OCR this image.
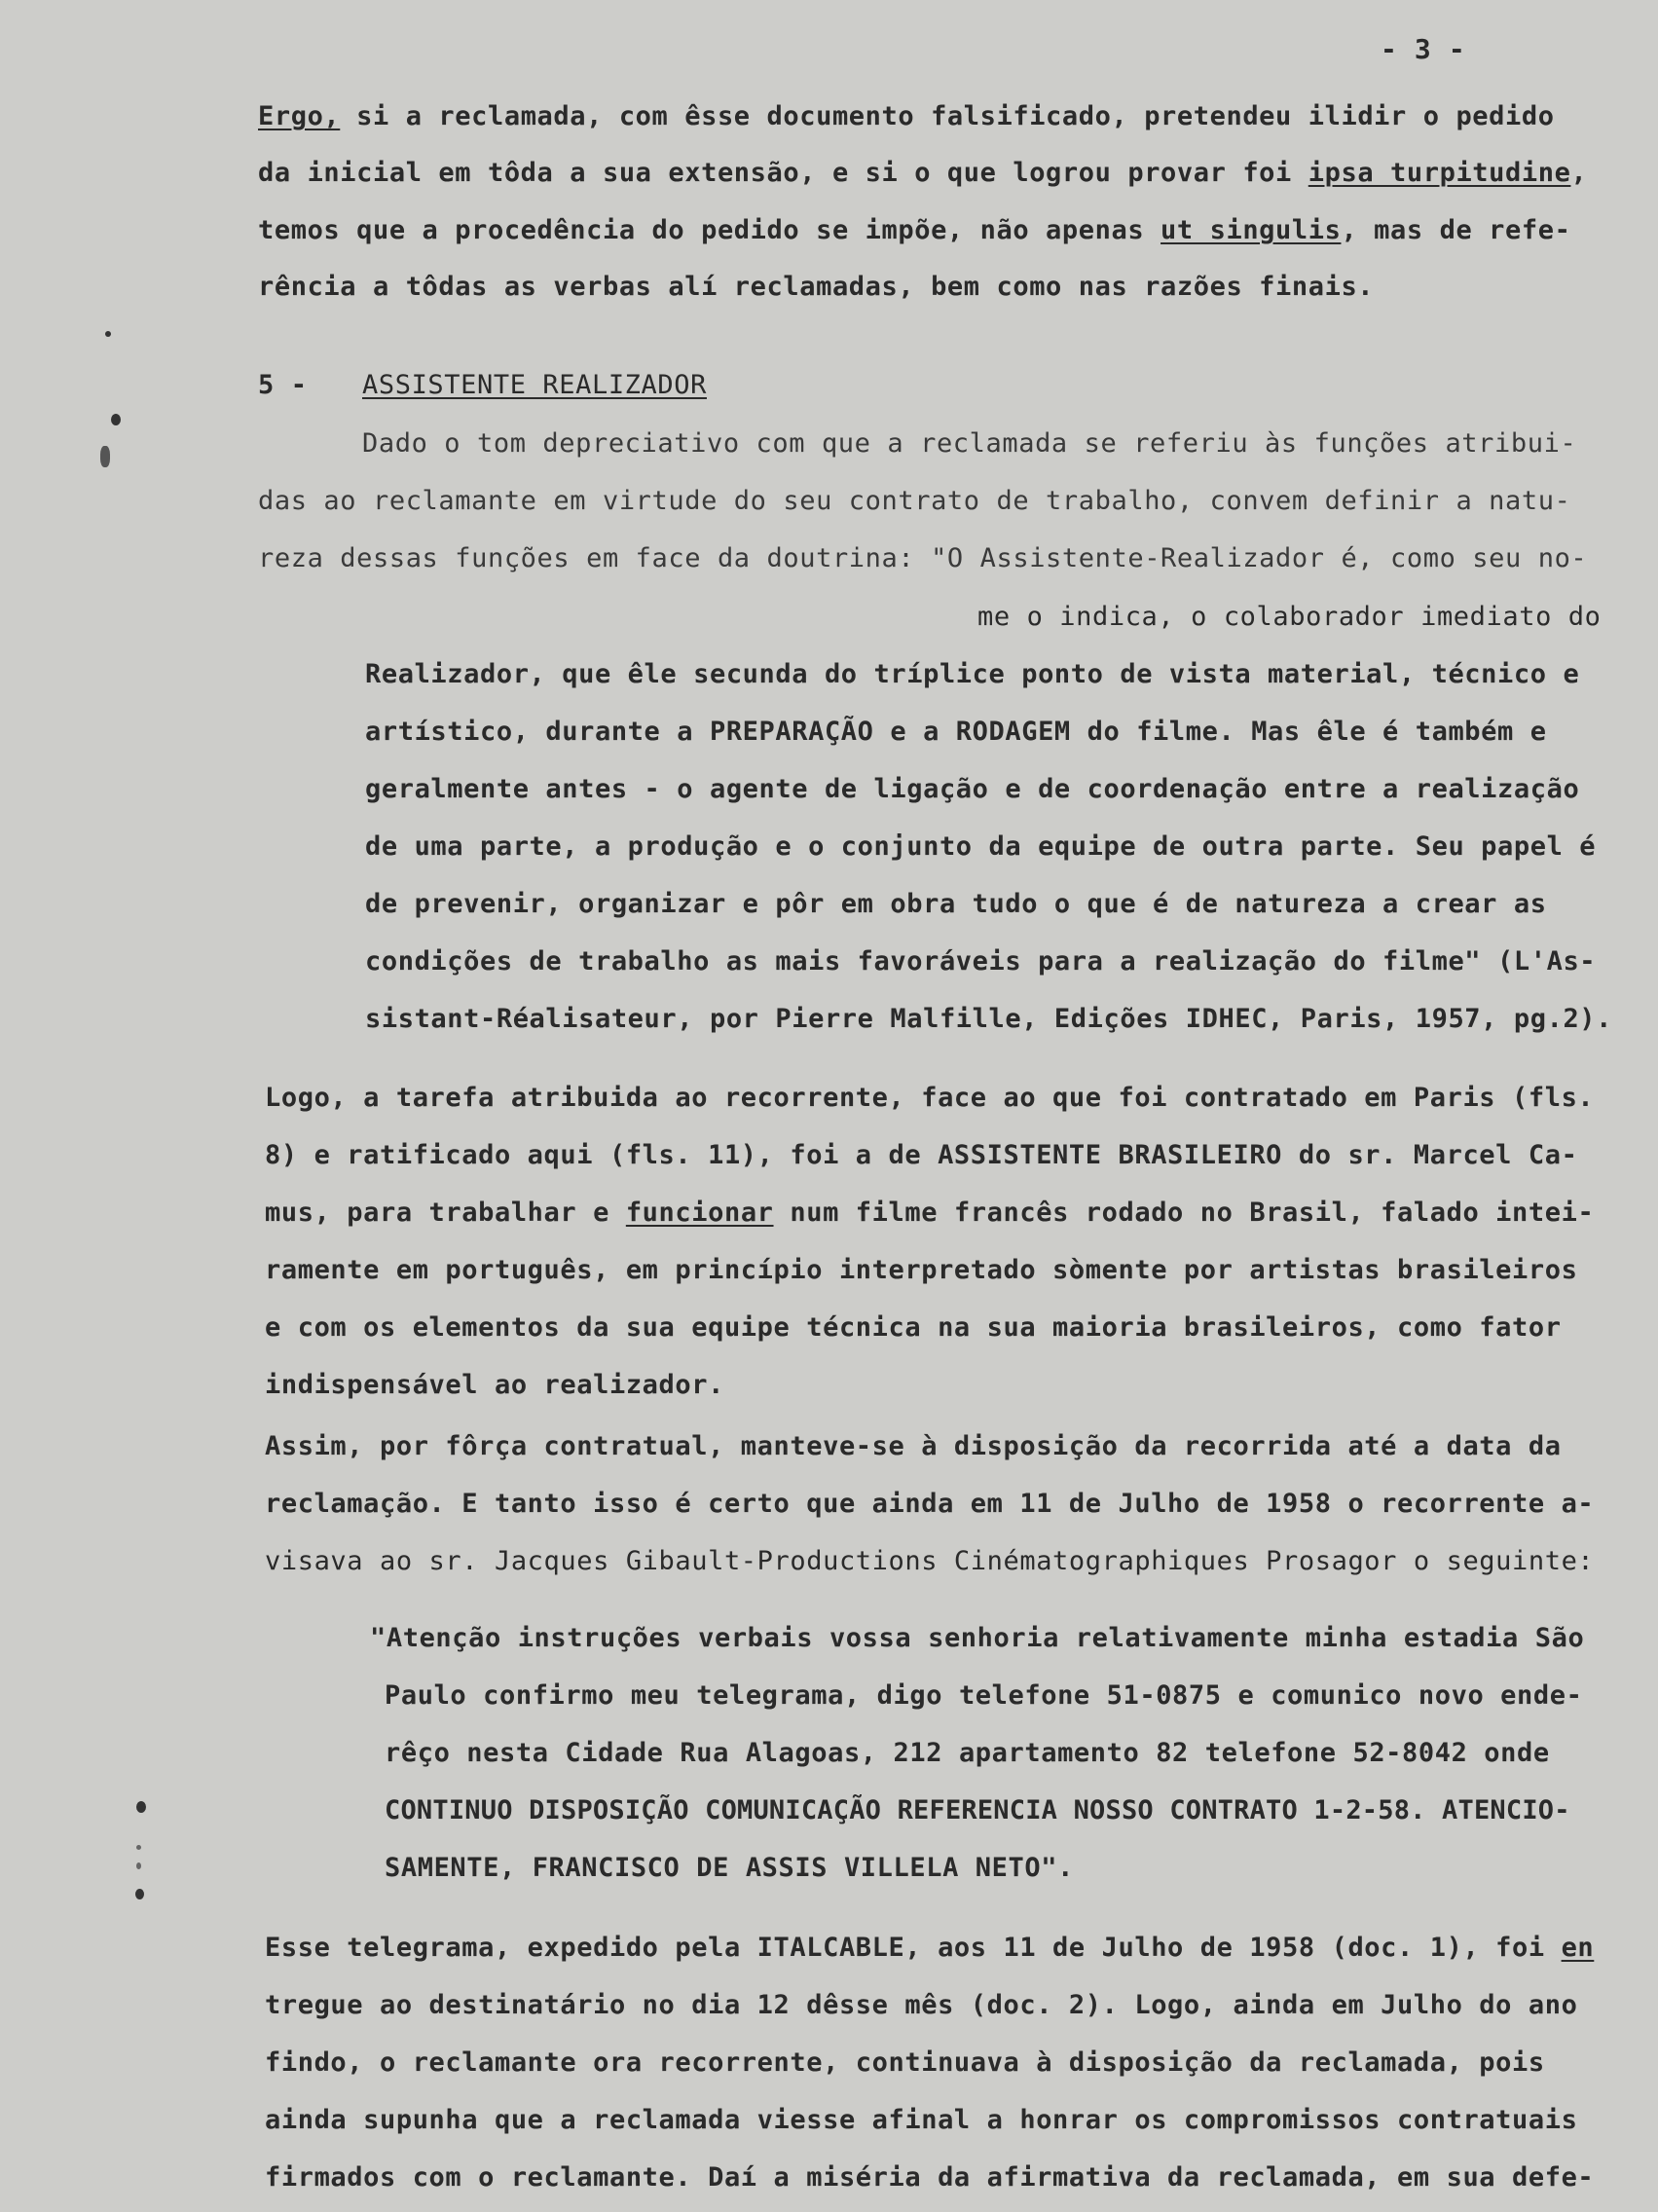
- 3 -
Ergo, si a reclamada, com êsse documento falsificado, pretendeu ilidir o pedido
da inicial em tôda a sua extensão, e si o que logrou provar foi ipsa turpitudine,
temos que a procedência do pedido se impõe, não apenas ut singulis, mas de refe-
rência a tôdas as verbas alí reclamadas, bem como nas razões finais.
5 - ASSISTENTE REALIZADOR
Dado o tom depreciativo com que a reclamada se referiu às funções atribui-
das ao reclamante em virtude do seu contrato de trabalho, convem definir a natu-
reza dessas funções em face da doutrina: "O Assistente-Realizador é, como seu no-
me o indica, o colaborador imediato do
Realizador, que êle secunda do tríplice ponto de vista material, técnico e
artístico, durante a PREPARAÇÃO e a RODAGEM do filme. Mas êle é também e
geralmente antes - o agente de ligação e de coordenação entre a realização
de uma parte, a produção e o conjunto da equipe de outra parte. Seu papel é
de prevenir, organizar e pôr em obra tudo o que é de natureza a crear as
condições de trabalho as mais favoráveis para a realização do filme" (L'As-
sistant-Réalisateur, por Pierre Malfille, Edições IDHEC, Paris, 1957, pg.2).
Logo, a tarefa atribuida ao recorrente, face ao que foi contratado em Paris (fls.
8) e ratificado aqui (fls. 11), foi a de ASSISTENTE BRASILEIRO do sr. Marcel Ca-
mus, para trabalhar e funcionar num filme francês rodado no Brasil, falado intei-
ramente em português, em princípio interpretado sòmente por artistas brasileiros
e com os elementos da sua equipe técnica na sua maioria brasileiros, como fator
indispensável ao realizador.
Assim, por fôrça contratual, manteve-se à disposição da recorrida até a data da
reclamação. E tanto isso é certo que ainda em 11 de Julho de 1958 o recorrente a-
visava ao sr. Jacques Gibault-Productions Cinématographiques Prosagor o seguinte:
"Atenção instruções verbais vossa senhoria relativamente minha estadia São
Paulo confirmo meu telegrama, digo telefone 51-0875 e comunico novo ende-
rêço nesta Cidade Rua Alagoas, 212 apartamento 82 telefone 52-8042 onde
CONTINUO DISPOSIÇÃO COMUNICAÇÃO REFERENCIA NOSSO CONTRATO 1-2-58. ATENCIO-
SAMENTE, FRANCISCO DE ASSIS VILLELA NETO".
Esse telegrama, expedido pela ITALCABLE, aos 11 de Julho de 1958 (doc. 1), foi en
tregue ao destinatário no dia 12 dêsse mês (doc. 2). Logo, ainda em Julho do ano
findo, o reclamante ora recorrente, continuava à disposição da reclamada, pois
ainda supunha que a reclamada viesse afinal a honrar os compromissos contratuais
firmados com o reclamante. Daí a miséria da afirmativa da reclamada, em sua defe-
